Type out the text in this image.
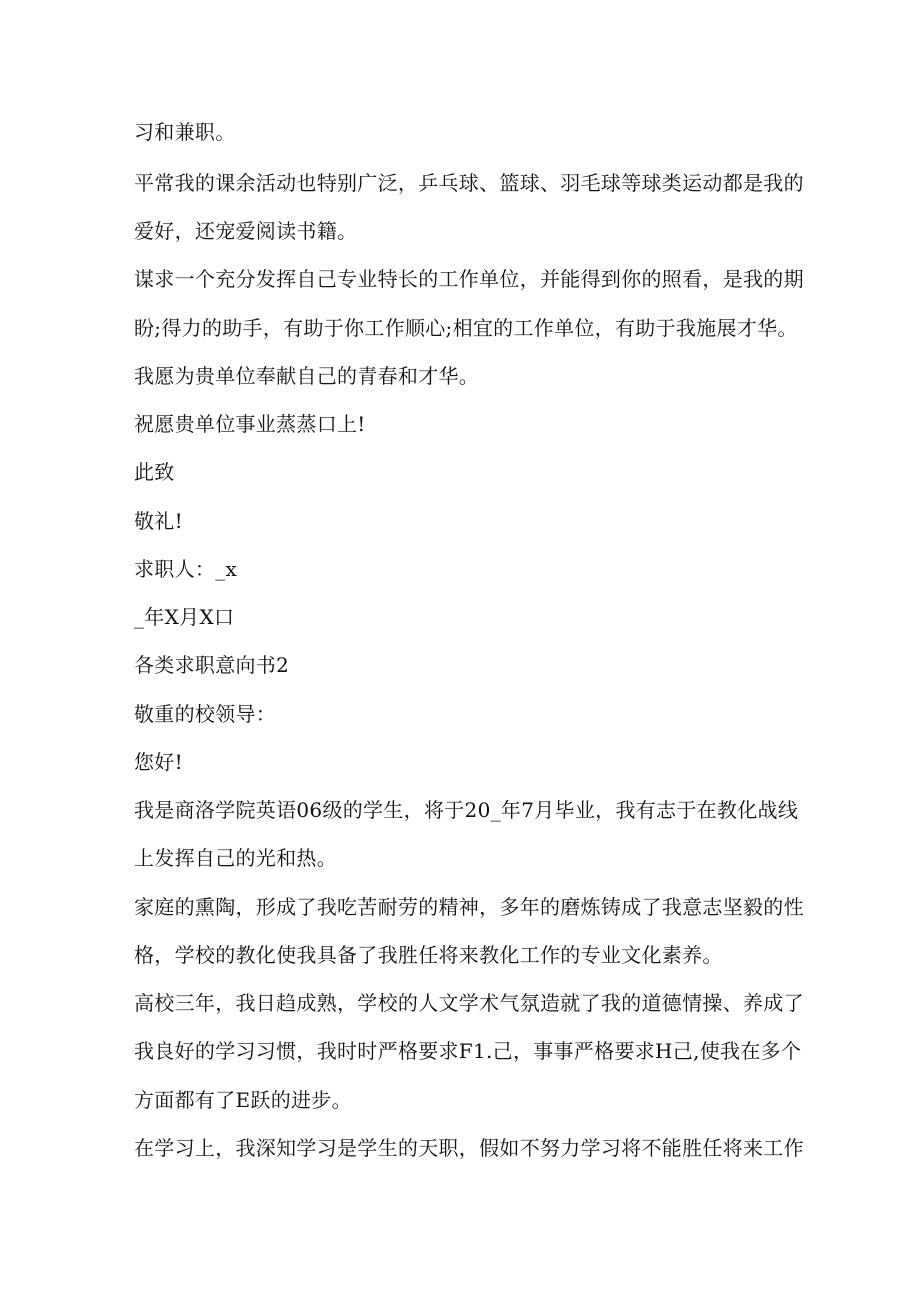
习和兼职。
平常我的课余活动也特别广泛，乒乓球、篮球、羽毛球等球类运动都是我的
爱好，还宠爱阅读书籍。
谋求一个充分发挥自己专业特长的工作单位，并能得到你的照看，是我的期
盼;得力的助手，有助于你工作顺心;相宜的工作单位，有助于我施展才华。
我愿为贵单位奉献自己的青春和才华。
祝愿贵单位事业蒸蒸口上!
此致
敬礼!
求职人：_x
_年X月X口
各类求职意向书2
敬重的校领导：
您好!
我是商洛学院英语06级的学生，将于20_年7月毕业，我有志于在教化战线
上发挥自己的光和热。
家庭的熏陶，形成了我吃苦耐劳的精神，多年的磨炼铸成了我意志坚毅的性
格，学校的教化使我具备了我胜任将来教化工作的专业文化素养。
高校三年，我日趋成熟，学校的人文学术气氛造就了我的道德情操、养成了
我良好的学习习惯，我时时严格要求F1.己，事事严格要求H己,使我在多个
方面都有了E跃的进步。
在学习上，我深知学习是学生的天职，假如不努力学习将不能胜任将来工作
